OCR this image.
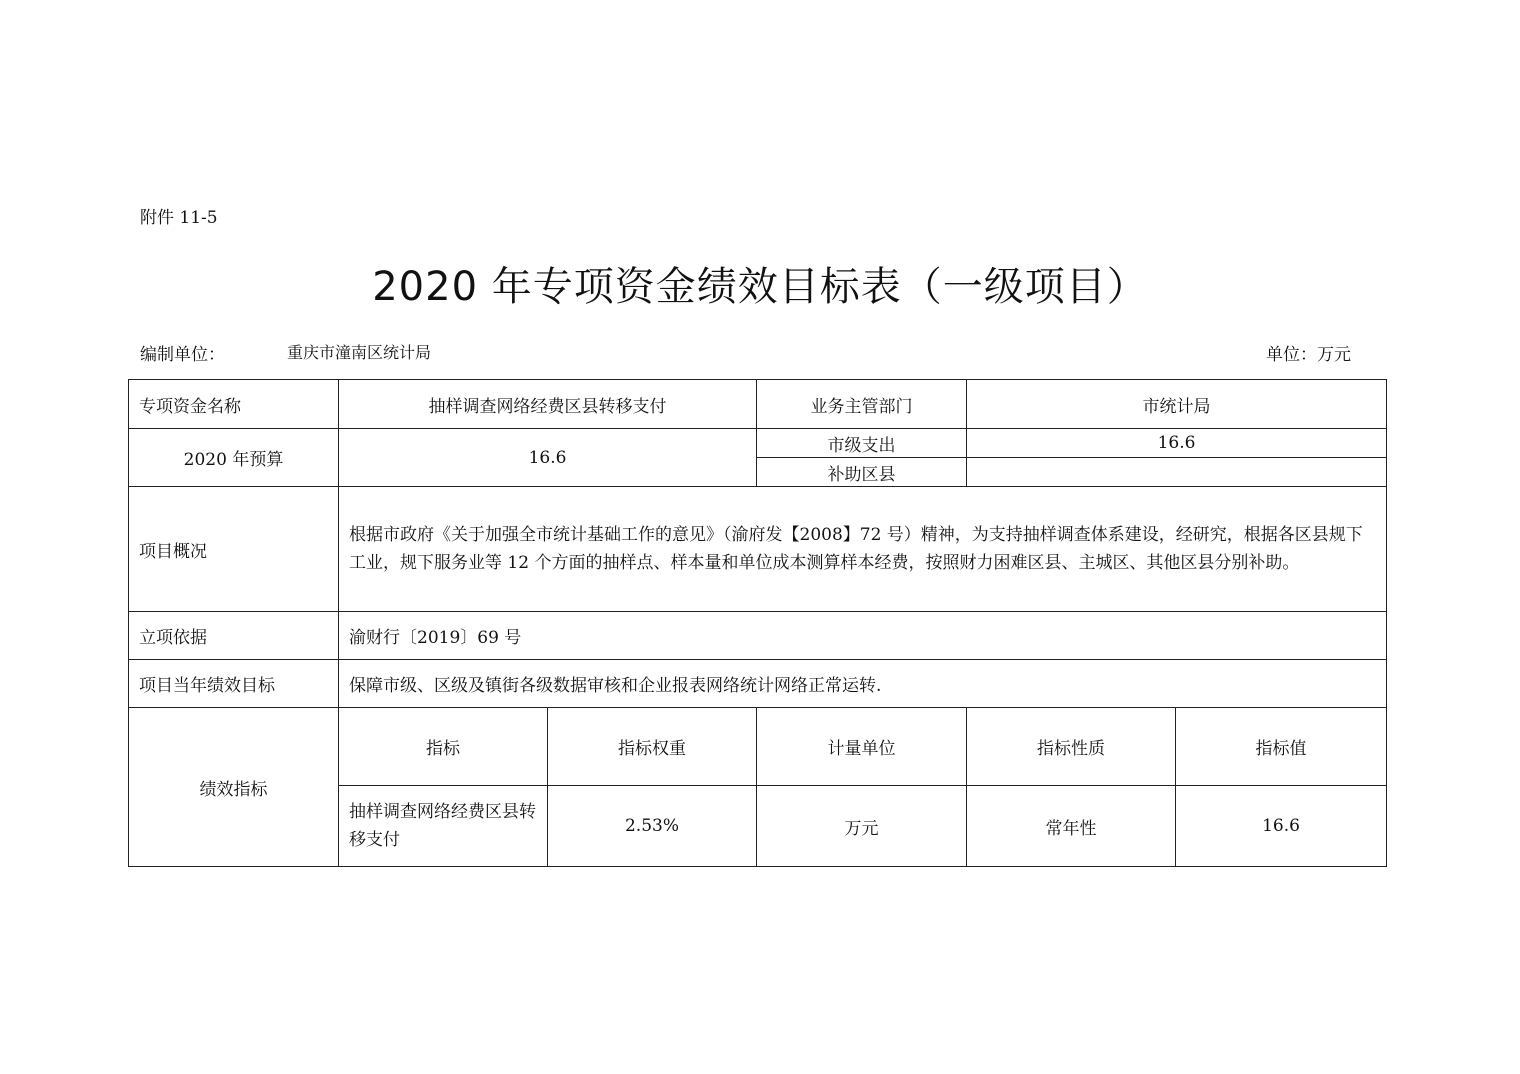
附件 11-5
2020 年专项资金绩效目标表（一级项目）
编制单位：	重庆市潼南区统计局	单位：万元
专项资金名称	抽样调查网络经费区县转移支付		业务主管部门	市统计局	
2020 年预算	16.6		市级支出	16.6	
			补助区县		
项目概况	根据市政府《关于加强全市统计基础工作的意见》（渝府发【2008】72 号）精神，为支持抽样调查体系建设，经研究，根据各区县规下工业，规下服务业等 12 个方面的抽样点、样本量和单位成本测算样本经费，按照财力困难区县、主城区、其他区县分别补助。				
立项依据	渝财行〔2019〕69 号				
项目当年绩效目标	保障市级、区级及镇街各级数据审核和企业报表网络统计网络正常运转.				
绩效指标	指标	指标权重	计量单位	指标性质	指标值
	抽样调查网络经费区县转移支付	2.53%	万元	常年性	16.6
